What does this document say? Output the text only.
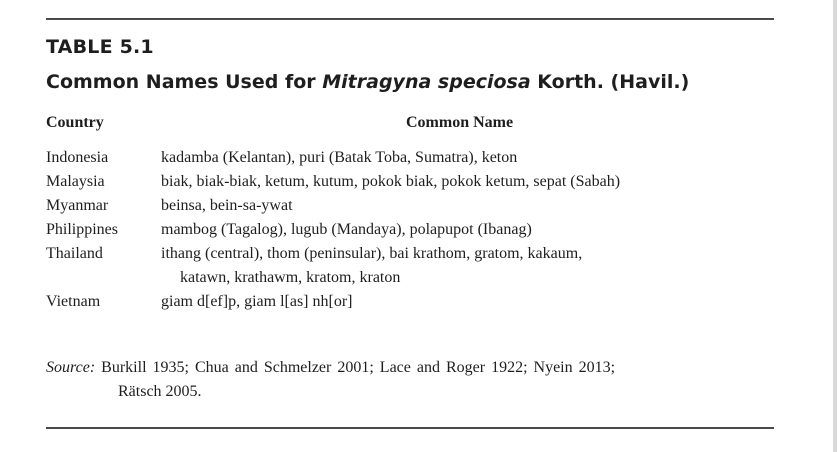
TABLE 5.1
Common Names Used for Mitragyna speciosa Korth. (Havil.)
Country	Common Name
Indonesia	kadamba (Kelantan), puri (Batak Toba, Sumatra), keton
Malaysia	biak, biak-biak, ketum, kutum, pokok biak, pokok ketum, sepat (Sabah)
Myanmar	beinsa, bein-sa-ywat
Philippines	mambog (Tagalog), lugub (Mandaya), polapupot (Ibanag)
Thailand	ithang (central), thom (peninsular), bai krathom, gratom, kakaum,
katawn, krathawm, kratom, kraton
Vietnam	giam d[ef]p, giam l[as] nh[or]
Source: Burkill 1935; Chua and Schmelzer 2001; Lace and Roger 1922; Nyein 2013;
Rätsch 2005.
